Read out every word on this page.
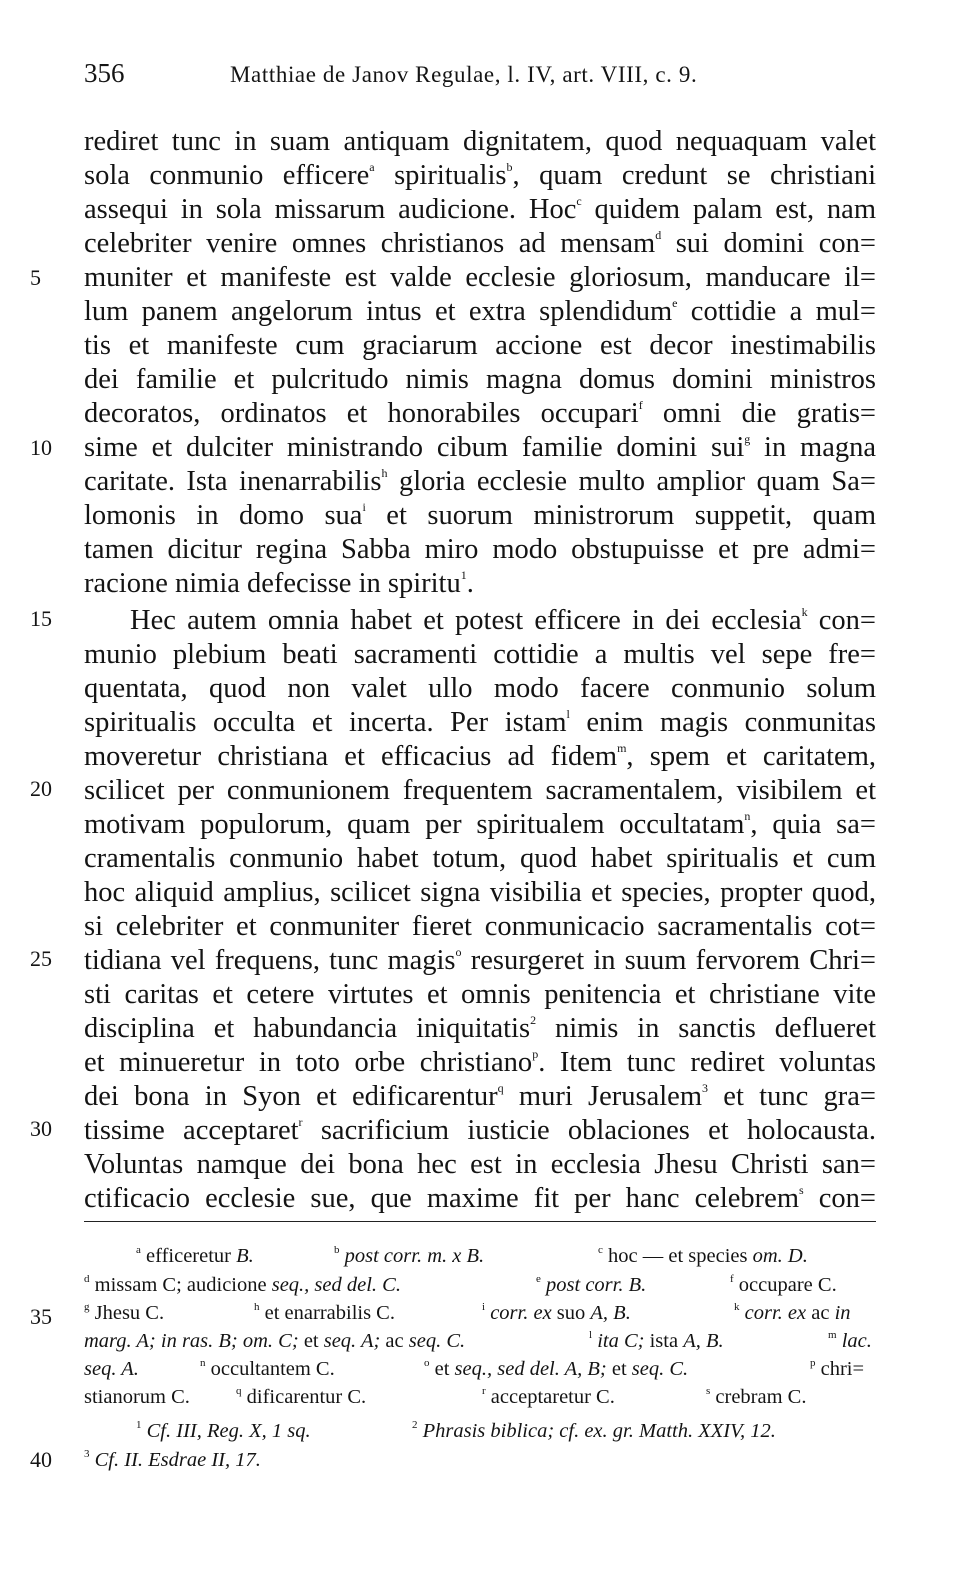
356	Matthiae de Janov Regulae, l. IV, art. VIII, c. 9.
5
10
15
20
25
30
35
40
rediret tunc in suam antiquam dignitatem, quod nequaquam valet
sola conmunio efficere$^a$ spiritualis$^b$, quam credunt se christiani
assequi in sola missarum audicione. Hoc$^c$ quidem palam est, nam
celebriter venire omnes christianos ad mensam$^d$ sui domini con=
muniter et manifeste est valde ecclesie gloriosum, manducare il=
lum panem angelorum intus et extra splendidum$^e$ cottidie a mul=
tis et manifeste cum graciarum accione est decor inestimabilis
dei familie et pulcritudo nimis magna domus domini ministros
decoratos, ordinatos et honorabiles occupari$^f$ omni die gratis=
sime et dulciter ministrando cibum familie domini sui$^g$ in magna
caritate. Ista inenarrabilis$^h$ gloria ecclesie multo amplior quam Sa=
lomonis in domo sua$^i$ et suorum ministrorum suppetit, quam
tamen dicitur regina Sabba miro modo obstupuisse et pre admi=
racione nimia defecisse in spiritu$^1$.
Hec autem omnia habet et potest efficere in dei ecclesia$^k$ con=
munio plebium beati sacramenti cottidie a multis vel sepe fre=
quentata, quod non valet ullo modo facere conmunio solum
spiritualis occulta et incerta. Per istam$^l$ enim magis conmunitas
moveretur christiana et efficacius ad fidem$^m$, spem et caritatem,
scilicet per conmunionem frequentem sacramentalem, visibilem et
motivam populorum, quam per spiritualem occultatam$^n$, quia sa=
cramentalis conmunio habet totum, quod habet spiritualis et cum
hoc aliquid amplius, scilicet signa visibilia et species, propter quod,
si celebriter et conmuniter fieret conmunicacio sacramentalis cot=
tidiana vel frequens, tunc magis$^o$ resurgeret in suum fervorem Chri=
sti caritas et cetere virtutes et omnis penitencia et christiane vite
disciplina et habundancia iniquitatis$^2$ nimis in sanctis deflueret
et minueretur in toto orbe christiano$^p$. Item tunc rediret voluntas
dei bona in Syon et edificarentur$^q$ muri Jerusalem$^3$ et tunc gra=
tissime acceptaret$^r$ sacrificium iusticie oblaciones et holocausta.
Voluntas namque dei bona hec est in ecclesia Jhesu Christi san=
ctificacio ecclesie sue, que maxime fit per hanc celebrem$^s$ con=
$^a$ efficeretur B.	$^b$ post corr. m. x B.	$^c$ hoc — et species om. D.
$^d$ missam C; audicione seq., sed del. C.	$^e$ post corr. B.	$^f$ occupare C.
$^g$ Jhesu C.	$^h$ et enarrabilis C.	$^i$ corr. ex suo A, B.	$^k$ corr. ex ac in
marg. A; in ras. B; om. C; et seq. A; ac seq. C.	$^l$ ita C; ista A, B.	$^m$ lac.
seq. A.	$^n$ occultantem C.	$^o$ et seq., sed del. A, B; et seq. C.	$^p$ chri=
stianorum C.	$^q$ dificarentur C.	$^r$ acceptaretur C.	$^s$ crebram C.
$^1$ Cf. III, Reg. X, 1 sq.	$^2$ Phrasis biblica; cf. ex. gr. Matth. XXIV, 12.
$^3$ Cf. II. Esdrae II, 17.
